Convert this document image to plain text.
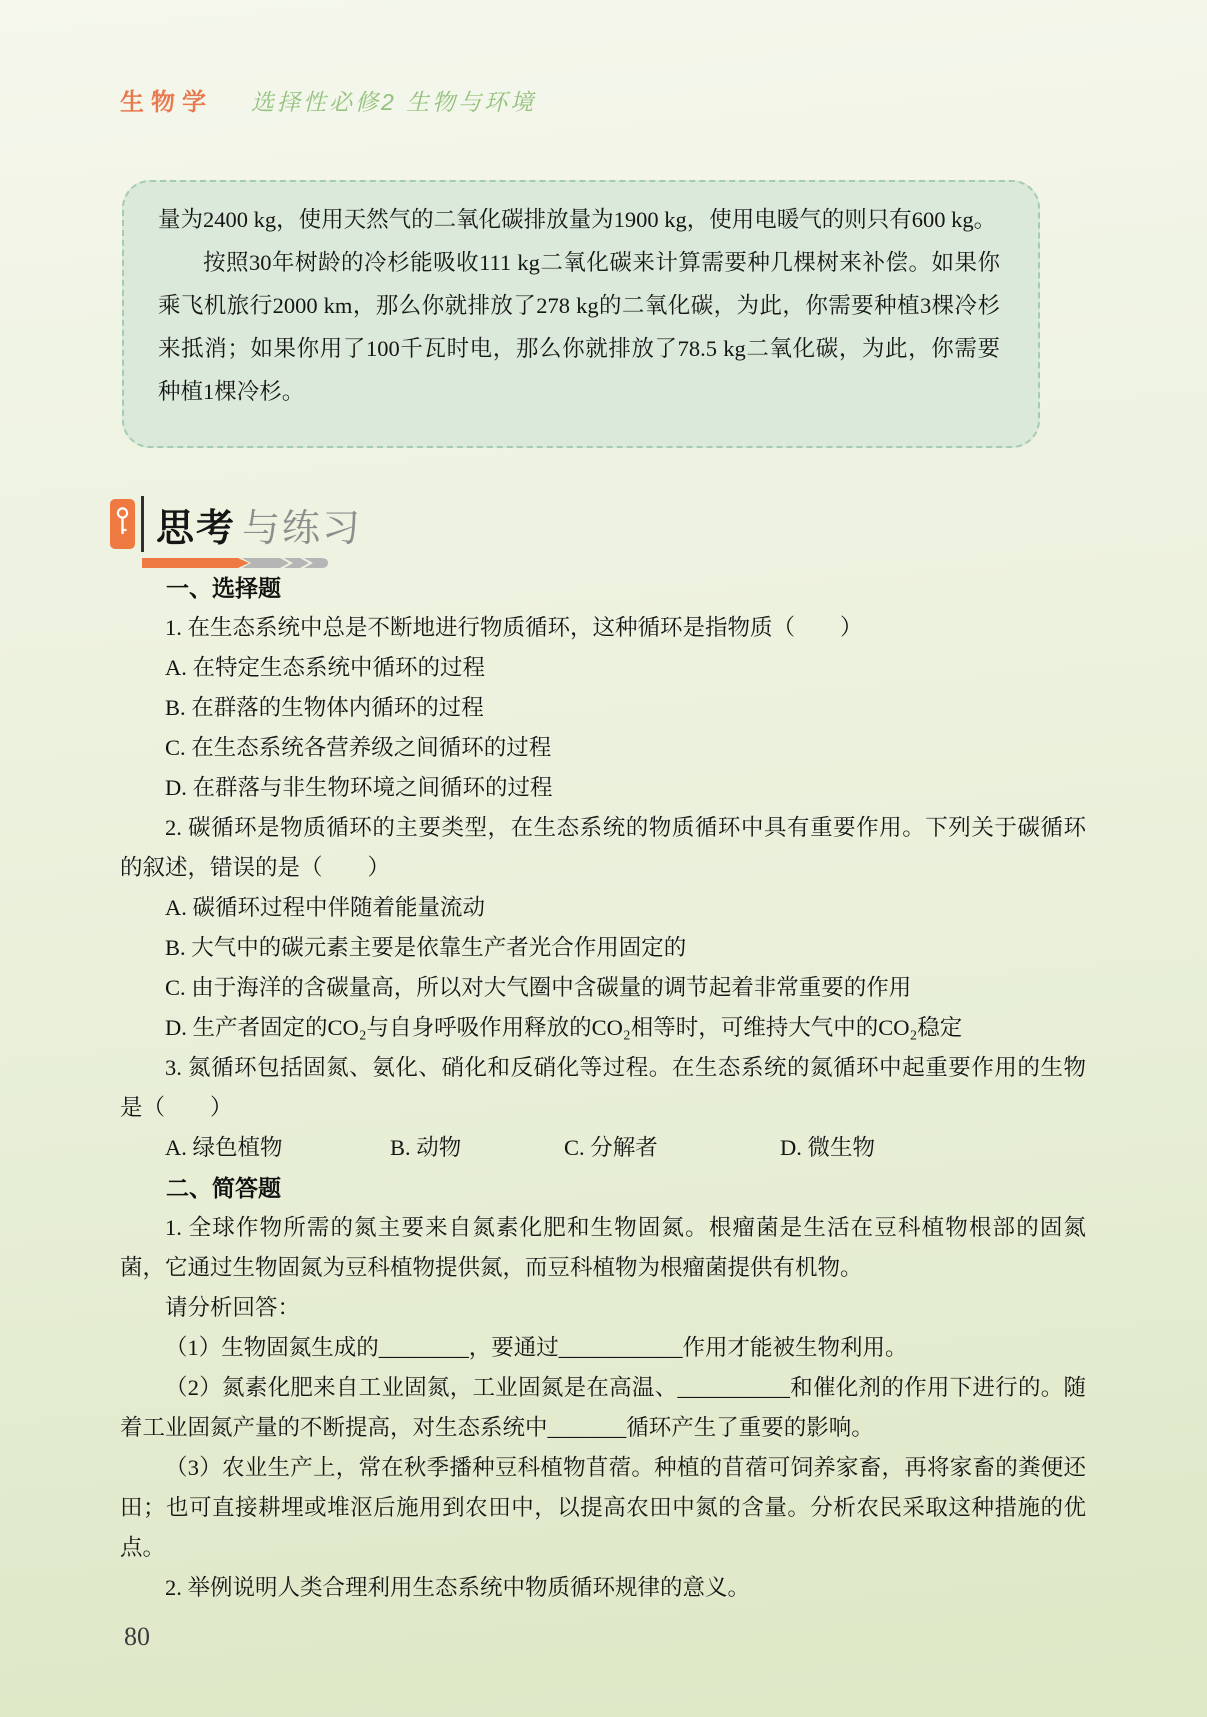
生物学 选择性必修2 生物与环境

量为2400 kg，使用天然气的二氧化碳排放量为1900 kg，使用电暖气的则只有600 kg。

按照30年树龄的冷杉能吸收111 kg二氧化碳来计算需要种几棵树来补偿。如果你乘飞机旅行2000 km，那么你就排放了278 kg的二氧化碳，为此，你需要种植3棵冷杉来抵消；如果你用了100千瓦时电，那么你就排放了78.5 kg二氧化碳，为此，你需要种植1棵冷杉。

思考 与练习

一、选择题

1. 在生态系统中总是不断地进行物质循环，这种循环是指物质（　　）

A. 在特定生态系统中循环的过程

B. 在群落的生物体内循环的过程

C. 在生态系统各营养级之间循环的过程

D. 在群落与非生物环境之间循环的过程

2. 碳循环是物质循环的主要类型，在生态系统的物质循环中具有重要作用。下列关于碳循环的叙述，错误的是（　　）

A. 碳循环过程中伴随着能量流动

B. 大气中的碳元素主要是依靠生产者光合作用固定的

C. 由于海洋的含碳量高，所以对大气圈中含碳量的调节起着非常重要的作用

D. 生产者固定的CO₂与自身呼吸作用释放的CO₂相等时，可维持大气中的CO₂稳定

3. 氮循环包括固氮、氨化、硝化和反硝化等过程。在生态系统的氮循环中起重要作用的生物是（　　）

A. 绿色植物	B. 动物	C. 分解者	D. 微生物

二、简答题

1. 全球作物所需的氮主要来自氮素化肥和生物固氮。根瘤菌是生活在豆科植物根部的固氮菌，它通过生物固氮为豆科植物提供氮，而豆科植物为根瘤菌提供有机物。

请分析回答：

（1）生物固氮生成的________，要通过___________作用才能被生物利用。

（2）氮素化肥来自工业固氮，工业固氮是在高温、__________和催化剂的作用下进行的。随着工业固氮产量的不断提高，对生态系统中_______循环产生了重要的影响。

（3）农业生产上，常在秋季播种豆科植物苜蓿。种植的苜蓿可饲养家畜，再将家畜的粪便还田；也可直接耕埋或堆沤后施用到农田中，以提高农田中氮的含量。分析农民采取这种措施的优点。

2. 举例说明人类合理利用生态系统中物质循环规律的意义。

80
